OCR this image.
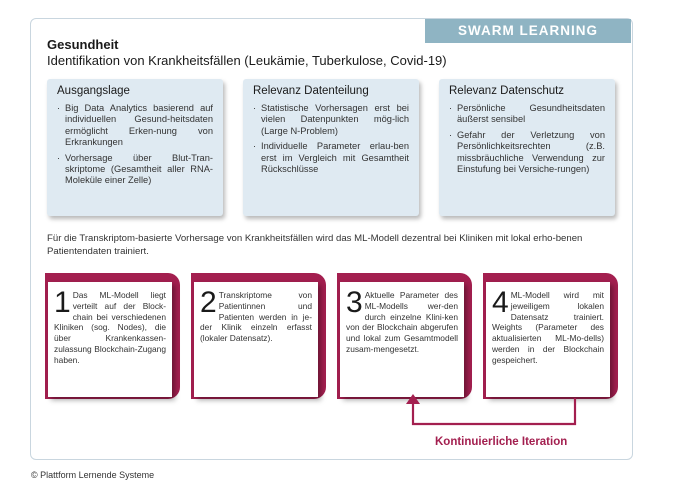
SWARM LEARNING
Gesundheit
Identifikation von Krankheitsfällen (Leukämie, Tuberkulose, Covid-19)
Ausgangslage
· Big Data Analytics basierend auf individuellen Gesund-heitsdaten ermöglicht Erken-nung von Erkrankungen
· Vorhersage über Blut-Tran-skriptome (Gesamtheit aller RNA-Moleküle einer Zelle)
Relevanz Datenteilung
· Statistische Vorhersagen erst bei vielen Datenpunkten mög-lich (Large N-Problem)
· Individuelle Parameter erlau-ben erst im Vergleich mit Gesamtheit Rückschlüsse
Relevanz Datenschutz
· Persönliche Gesundheitsdaten äußerst sensibel
· Gefahr der Verletzung von Persönlichkeitsrechten (z.B. missbräuchliche Verwendung zur Einstufung bei Versiche-rungen)
Für die Transkriptom-basierte Vorhersage von Krankheitsfällen wird das ML-Modell dezentral bei Kliniken mit lokal erho-benen Patientendaten trainiert.
1 Das ML-Modell liegt verteilt auf der Block-chain bei verschiedenen Kliniken (sog. Nodes), die über Krankenkassen-zulassung Blockchain-Zugang haben.
2 Transkriptome von Patientinnen und Patienten werden in je-der Klinik einzeln erfasst (lokaler Datensatz).
3 Aktuelle Parameter des ML-Modells wer-den durch einzelne Klini-ken von der Blockchain abgerufen und lokal zum Gesamtmodell zusam-mengesetzt.
4 ML-Modell wird mit jeweiligem lokalen Datensatz trainiert. Weights (Parameter des aktualisierten ML-Mo-dells) werden in der Blockchain gespeichert.
Kontinuierliche Iteration
© Plattform Lernende Systeme
